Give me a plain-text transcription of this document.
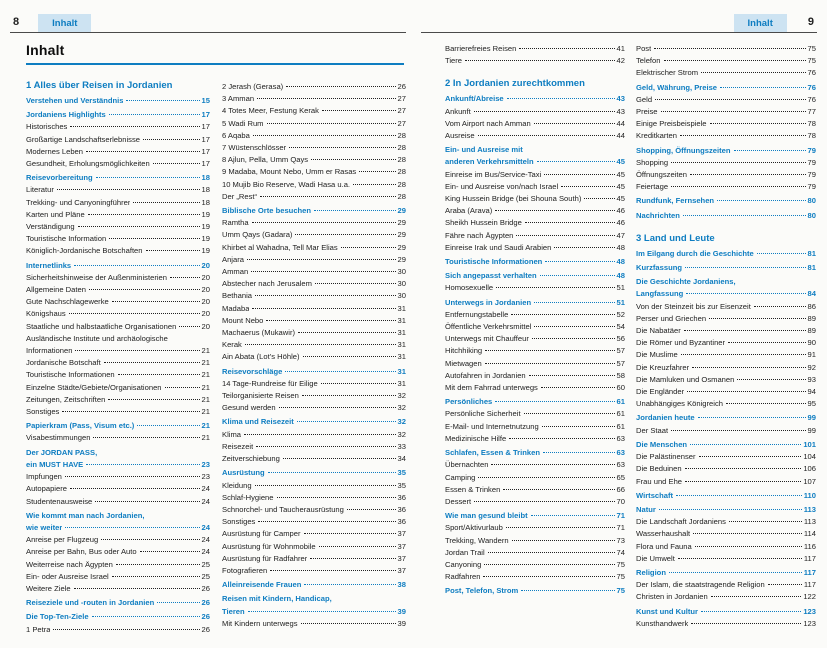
8	Inhalt
Inhalt
1 Alles über Reisen in Jordanien
Verstehen und Verständnis	15
Jordaniens Highlights	17
Historisches	17
Großartige Landschaftserlebnisse	17
Modernes Leben	17
Gesundheit, Erholungsmöglichkeiten	17
Reisevorbereitung	18
Literatur	18
Trekking- und Canyoningführer	18
Karten und Pläne	19
Verständigung	19
Touristische Information	19
Königlich-Jordanische Botschaften	19
Internetlinks	20
Sicherheitshinweise der Außenministerien	20
Allgemeine Daten	20
Gute Nachschlagewerke	20
Königshaus	20
Staatliche und halbstaatliche Organisationen	20
Ausländische Institute und archäologische
Informationen	21
Jordanische Botschaft	21
Touristische Informationen	21
Einzelne Städte/Gebiete/Organisationen	21
Zeitungen, Zeitschriften	21
Sonstiges	21
Papierkram (Pass, Visum etc.)	21
Visabestimmungen	21
Der JORDAN PASS,
ein MUST HAVE	23
Impfungen	23
Autopapiere	24
Studentenausweise	24
Wie kommt man nach Jordanien,
wie weiter	24
Anreise per Flugzeug	24
Anreise per Bahn, Bus oder Auto	24
Weiterreise nach Ägypten	25
Ein- oder Ausreise Israel	25
Weitere Ziele	26
Reiseziele und -routen in Jordanien	26
Die Top-Ten-Ziele	26
1 Petra	26
2 Jerash (Gerasa)	26
3 Amman	27
4 Totes Meer, Festung Kerak	27
5 Wadi Rum	27
6 Aqaba	28
7 Wüstenschlösser	28
8 Ajlun, Pella, Umm Qays	28
9 Madaba, Mount Nebo, Umm er Rasas	28
10 Mujib Bio Reserve, Wadi Hasa u.a.	28
Der „Rest“	28
Biblische Orte besuchen	29
Ramtha	29
Umm Qays (Gadara)	29
Khirbet al Wahadna, Tell Mar Elias	29
Anjara	29
Amman	30
Abstecher nach Jerusalem	30
Bethania	30
Madaba	31
Mount Nebo	31
Machaerus (Mukawir)	31
Kerak	31
Ain Abata (Lot’s Höhle)	31
Reisevorschläge	31
14 Tage-Rundreise für Eilige	31
Teilorganisierte Reisen	32
Gesund werden	32
Klima und Reisezeit	32
Klima	32
Reisezeit	33
Zeitverschiebung	34
Ausrüstung	35
Kleidung	35
Schlaf-Hygiene	36
Schnorchel- und Taucherausrüstung	36
Sonstiges	36
Ausrüstung für Camper	37
Ausrüstung für Wohnmobile	37
Ausrüstung für Radfahrer	37
Fotografieren	37
Alleinreisende Frauen	38
Reisen mit Kindern, Handicap,
Tieren	39
Mit Kindern unterwegs	39
Inhalt	9
Barrierefreies Reisen	41
Tiere	42
2 In Jordanien zurechtkommen
Ankunft/Abreise	43
Ankunft	43
Vom Airport nach Amman	44
Ausreise	44
Ein- und Ausreise mit
anderen Verkehrsmitteln	45
Einreise im Bus/Service-Taxi	45
Ein- und Ausreise von/nach Israel	45
King Hussein Bridge (bei Shouna South)	45
Araba (Arava)	46
Sheikh Hussein Bridge	46
Fähre nach Ägypten	47
Einreise Irak und Saudi Arabien	48
Touristische Informationen	48
Sich angepasst verhalten	48
Homosexuelle	51
Unterwegs in Jordanien	51
Entfernungstabelle	52
Öffentliche Verkehrsmittel	54
Unterwegs mit Chauffeur	56
Hitchhiking	57
Mietwagen	57
Autofahren in Jordanien	58
Mit dem Fahrrad unterwegs	60
Persönliches	61
Persönliche Sicherheit	61
E-Mail- und Internetnutzung	61
Medizinische Hilfe	63
Schlafen, Essen & Trinken	63
Übernachten	63
Camping	65
Essen & Trinken	66
Dessert	70
Wie man gesund bleibt	71
Sport/Aktivurlaub	71
Trekking, Wandern	73
Jordan Trail	74
Canyoning	75
Radfahren	75
Post, Telefon, Strom	75
Post	75
Telefon	75
Elektrischer Strom	76
Geld, Währung, Preise	76
Geld	76
Preise	77
Einige Preisbeispiele	78
Kreditkarten	78
Shopping, Öffnungszeiten	79
Shopping	79
Öffnungszeiten	79
Feiertage	79
Rundfunk, Fernsehen	80
Nachrichten	80
3 Land und Leute
Im Eilgang durch die Geschichte	81
Kurzfassung	81
Die Geschichte Jordaniens,
Langfassung	84
Von der Steinzeit bis zur Eisenzeit	86
Perser und Griechen	89
Die Nabatäer	89
Die Römer und Byzantiner	90
Die Muslime	91
Die Kreuzfahrer	92
Die Mamluken und Osmanen	93
Die Engländer	94
Unabhängiges Königreich	95
Jordanien heute	99
Der Staat	99
Die Menschen	101
Die Palästinenser	104
Die Beduinen	106
Frau und Ehe	107
Wirtschaft	110
Natur	113
Die Landschaft Jordaniens	113
Wasserhaushalt	114
Flora und Fauna	116
Die Umwelt	117
Religion	117
Der Islam, die staatstragende Religion	117
Christen in Jordanien	122
Kunst und Kultur	123
Kunsthandwerk	123
